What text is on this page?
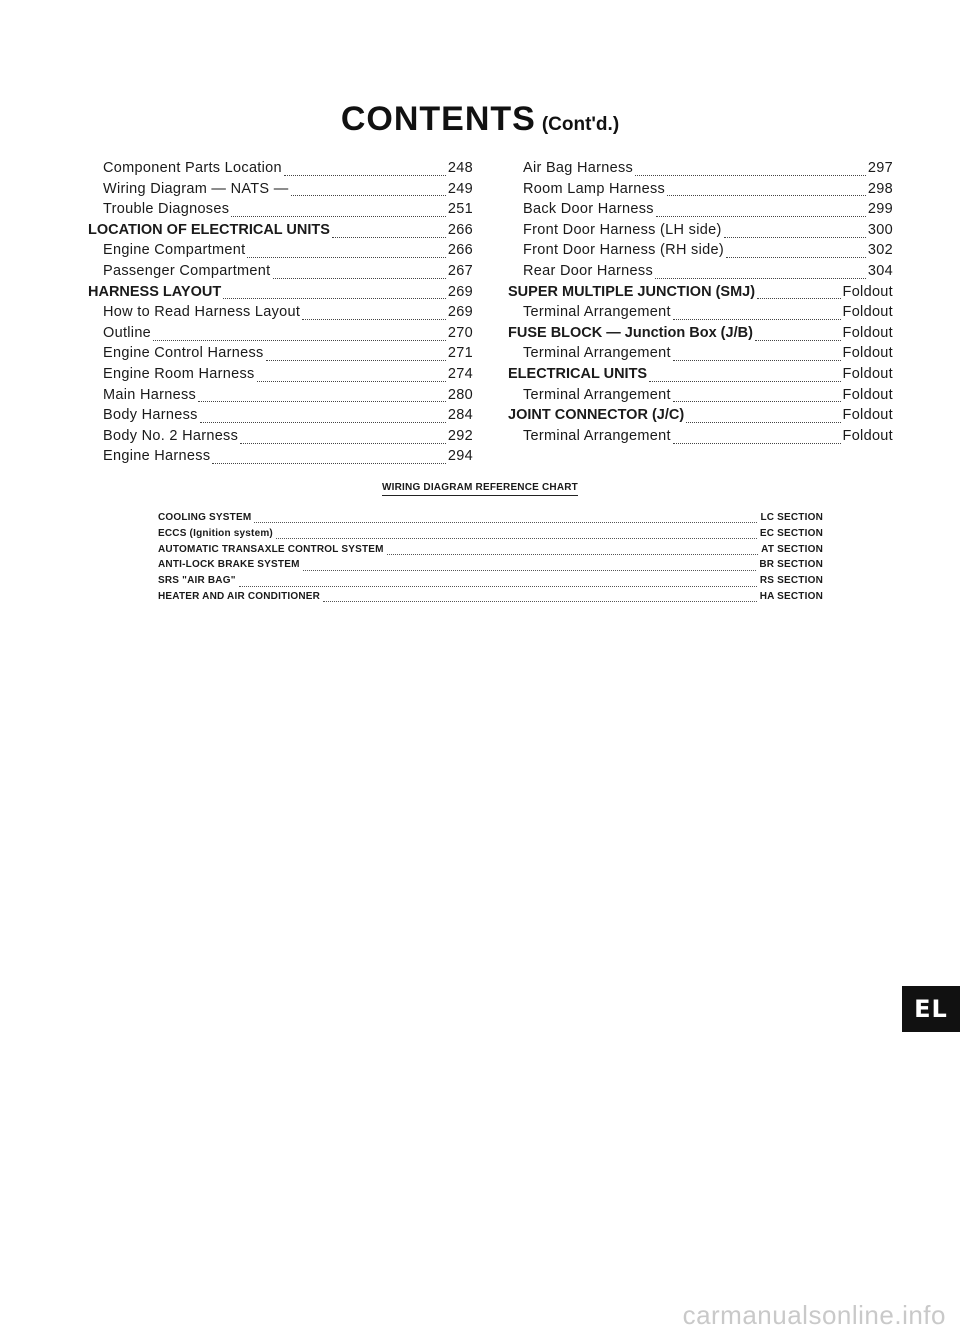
CONTENTS (Cont'd.)
Component Parts Location	248
Wiring Diagram — NATS —	249
Trouble Diagnoses	251
LOCATION OF ELECTRICAL UNITS	266
Engine Compartment	266
Passenger Compartment	267
HARNESS LAYOUT	269
How to Read Harness Layout	269
Outline	270
Engine Control Harness	271
Engine Room Harness	274
Main Harness	280
Body Harness	284
Body No. 2 Harness	292
Engine Harness	294
Air Bag Harness	297
Room Lamp Harness	298
Back Door Harness	299
Front Door Harness (LH side)	300
Front Door Harness (RH side)	302
Rear Door Harness	304
SUPER MULTIPLE JUNCTION (SMJ)	Foldout
Terminal Arrangement	Foldout
FUSE BLOCK — Junction Box (J/B)	Foldout
Terminal Arrangement	Foldout
ELECTRICAL UNITS	Foldout
Terminal Arrangement	Foldout
JOINT CONNECTOR (J/C)	Foldout
Terminal Arrangement	Foldout
WIRING DIAGRAM REFERENCE CHART
COOLING SYSTEM	LC SECTION
ECCS (Ignition system)	EC SECTION
AUTOMATIC TRANSAXLE CONTROL SYSTEM	AT SECTION
ANTI-LOCK BRAKE SYSTEM	BR SECTION
SRS "AIR BAG"	RS SECTION
HEATER AND AIR CONDITIONER	HA SECTION
EL
carmanualsonline.info
